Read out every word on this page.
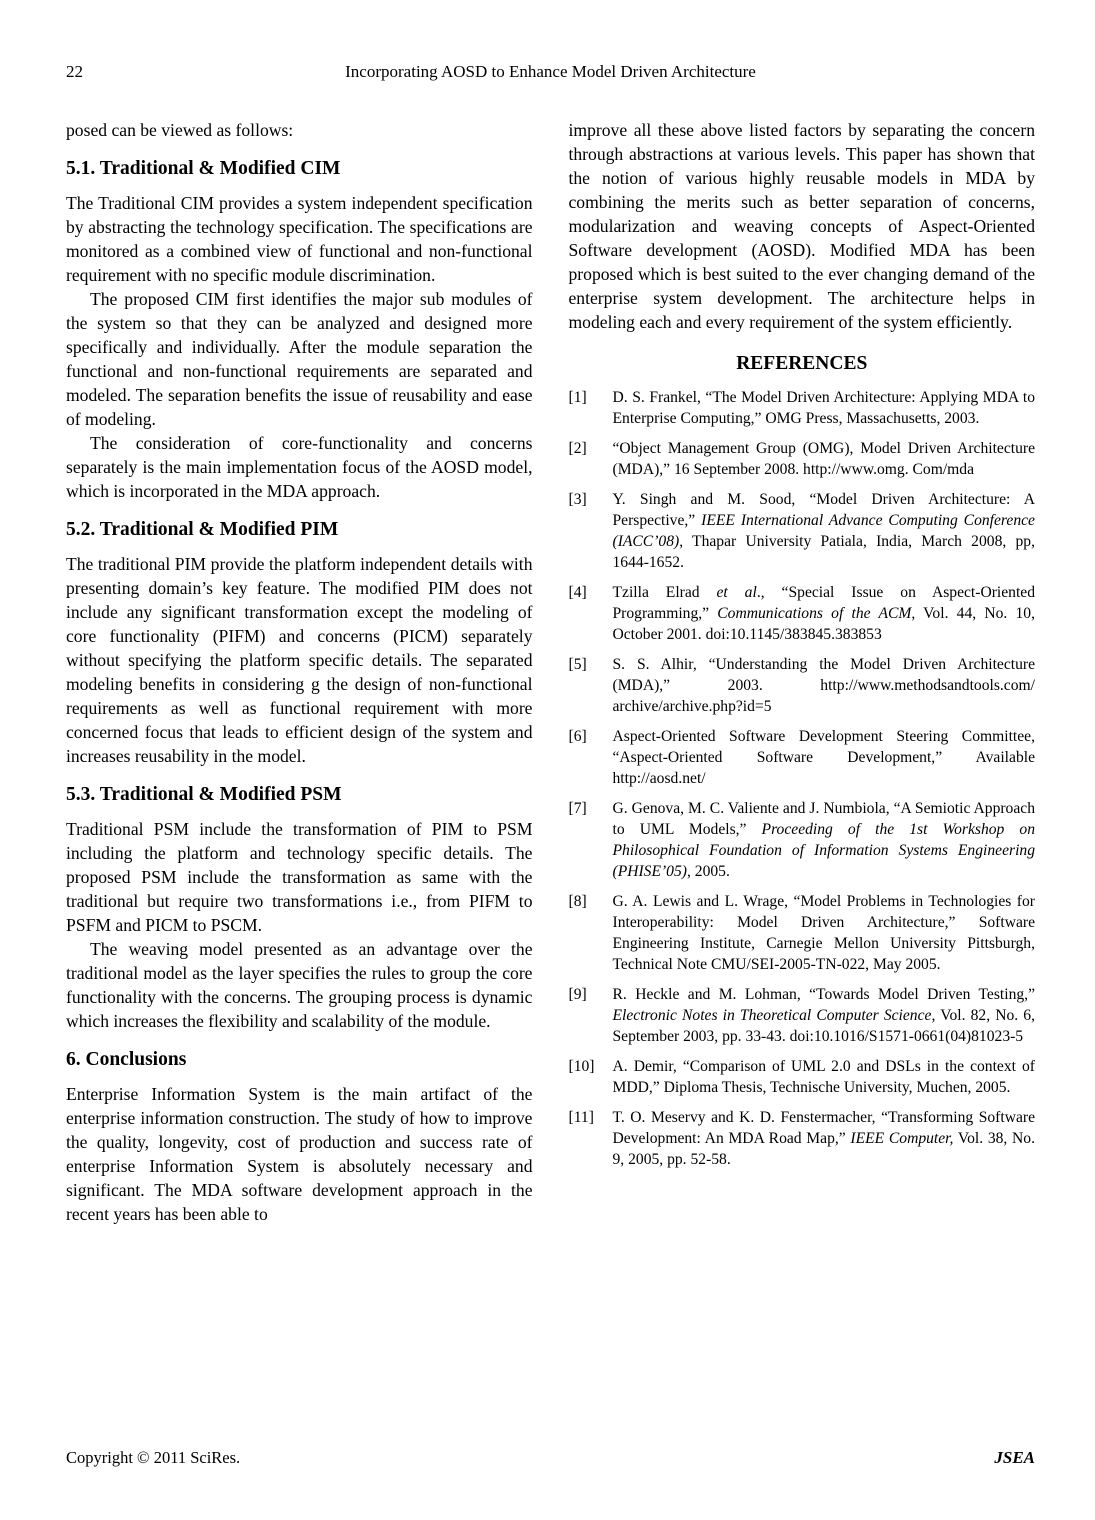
22	Incorporating AOSD to Enhance Model Driven Architecture

posed can be viewed as follows:

5.1. Traditional & Modified CIM

The Traditional CIM provides a system independent specification by abstracting the technology specification. The specifications are monitored as a combined view of functional and non-functional requirement with no specific module discrimination.

The proposed CIM first identifies the major sub modules of the system so that they can be analyzed and designed more specifically and individually. After the module separation the functional and non-functional requirements are separated and modeled. The separation benefits the issue of reusability and ease of modeling.

The consideration of core-functionality and concerns separately is the main implementation focus of the AOSD model, which is incorporated in the MDA approach.

5.2. Traditional & Modified PIM

The traditional PIM provide the platform independent details with presenting domain’s key feature. The modified PIM does not include any significant transformation except the modeling of core functionality (PIFM) and concerns (PICM) separately without specifying the platform specific details. The separated modeling benefits in considering g the design of non-functional requirements as well as functional requirement with more concerned focus that leads to efficient design of the system and increases reusability in the model.

5.3. Traditional & Modified PSM

Traditional PSM include the transformation of PIM to PSM including the platform and technology specific details. The proposed PSM include the transformation as same with the traditional but require two transformations i.e., from PIFM to PSFM and PICM to PSCM.

The weaving model presented as an advantage over the traditional model as the layer specifies the rules to group the core functionality with the concerns. The grouping process is dynamic which increases the flexibility and scalability of the module.

6. Conclusions

Enterprise Information System is the main artifact of the enterprise information construction. The study of how to improve the quality, longevity, cost of production and success rate of enterprise Information System is absolutely necessary and significant. The MDA software development approach in the recent years has been able to

improve all these above listed factors by separating the concern through abstractions at various levels. This paper has shown that the notion of various highly reusable models in MDA by combining the merits such as better separation of concerns, modularization and weaving concepts of Aspect-Oriented Software development (AOSD). Modified MDA has been proposed which is best suited to the ever changing demand of the enterprise system development. The architecture helps in modeling each and every requirement of the system efficiently.

REFERENCES
[1]	D. S. Frankel, “The Model Driven Architecture: Applying MDA to Enterprise Computing,” OMG Press, Massachusetts, 2003.
[2]	“Object Management Group (OMG), Model Driven Architecture (MDA),” 16 September 2008. http://www.omg. Com/mda
[3]	Y. Singh and M. Sood, “Model Driven Architecture: A Perspective,” IEEE International Advance Computing Conference (IACC’08), Thapar University Patiala, India, March 2008, pp, 1644-1652.
[4]	Tzilla Elrad et al., “Special Issue on Aspect-Oriented Programming,” Communications of the ACM, Vol. 44, No. 10, October 2001. doi:10.1145/383845.383853
[5]	S. S. Alhir, “Understanding the Model Driven Architecture (MDA),” 2003. http://www.methodsandtools.com/ archive/archive.php?id=5
[6]	Aspect-Oriented Software Development Steering Committee, “Aspect-Oriented Software Development,” Available http://aosd.net/
[7]	G. Genova, M. C. Valiente and J. Numbiola, “A Semiotic Approach to UML Models,” Proceeding of the 1st Workshop on Philosophical Foundation of Information Systems Engineering (PHISE’05), 2005.
[8]	G. A. Lewis and L. Wrage, “Model Problems in Technologies for Interoperability: Model Driven Architecture,” Software Engineering Institute, Carnegie Mellon University Pittsburgh, Technical Note CMU/SEI-2005-TN-022, May 2005.
[9]	R. Heckle and M. Lohman, “Towards Model Driven Testing,” Electronic Notes in Theoretical Computer Science, Vol. 82, No. 6, September 2003, pp. 33-43. doi:10.1016/S1571-0661(04)81023-5
[10]	A. Demir, “Comparison of UML 2.0 and DSLs in the context of MDD,” Diploma Thesis, Technische University, Muchen, 2005.
[11]	T. O. Meservy and K. D. Fenstermacher, “Transforming Software Development: An MDA Road Map,” IEEE Computer, Vol. 38, No. 9, 2005, pp. 52-58.
Copyright © 2011 SciRes.	JSEA
